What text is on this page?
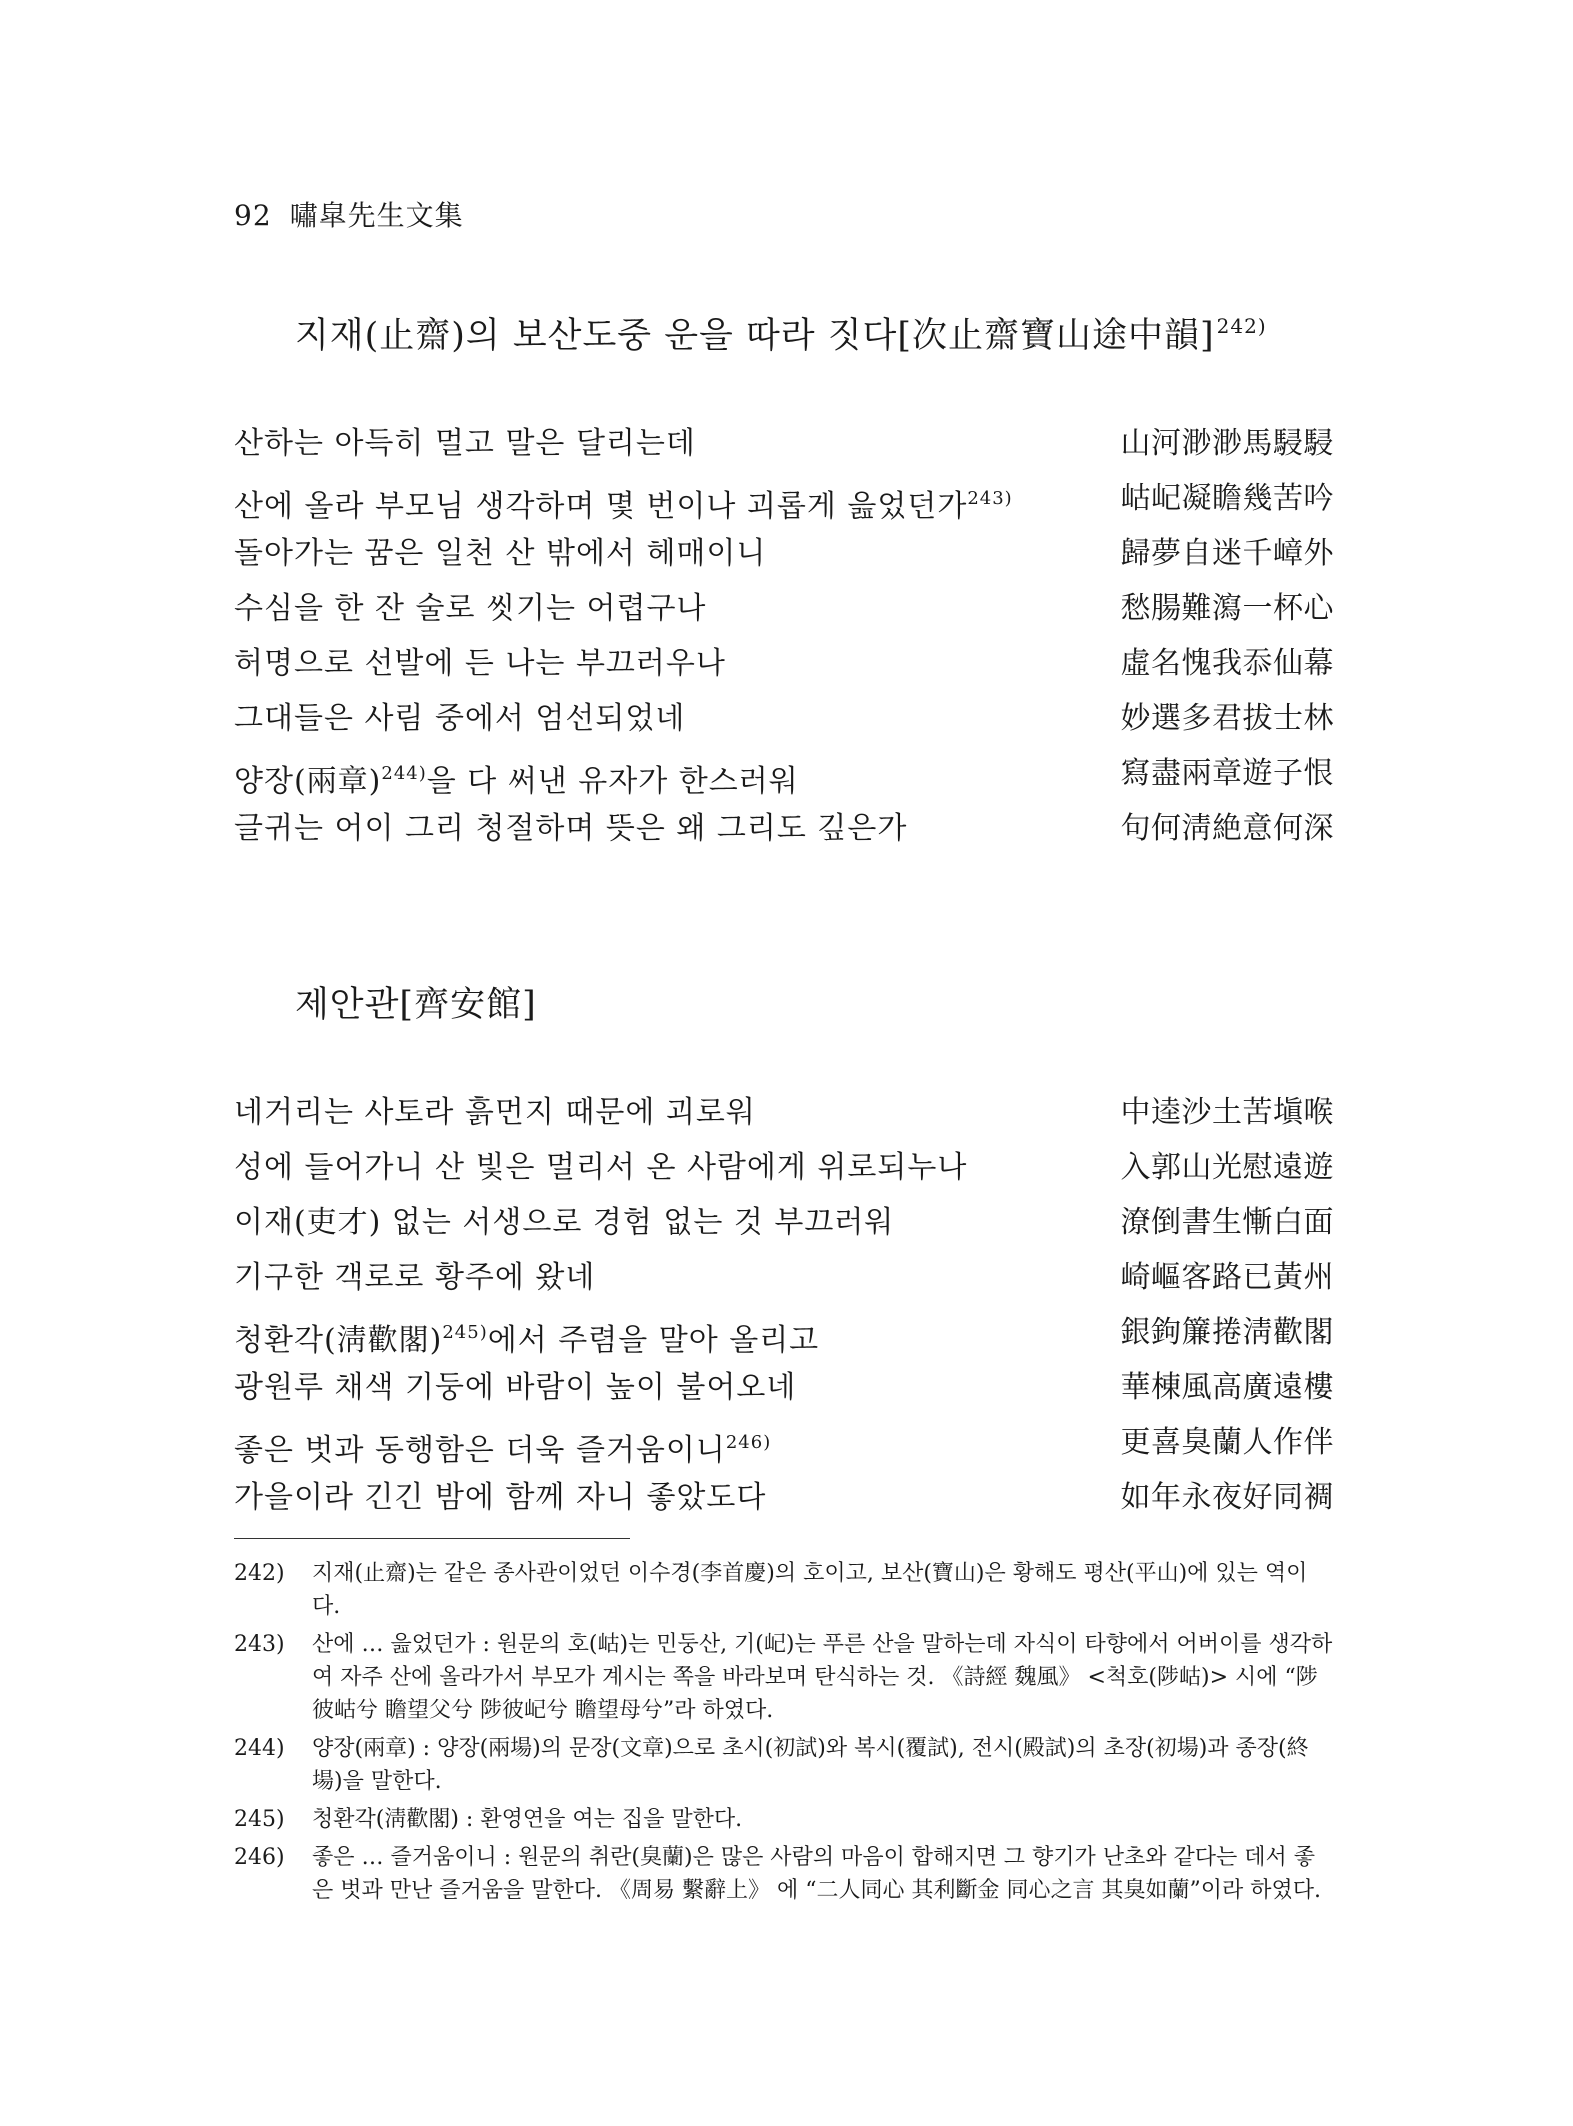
92 嘯皐先生文集
지재(止齋)의 보산도중 운을 따라 짓다[次止齋寶山途中韻] $^{242)}$
산하는 아득히 멀고 말은 달리는데	山河渺渺馬駸駸
산에 올라 부모님 생각하며 몇 번이나 괴롭게 읊었던가$^{243)}$	岵屺凝瞻幾苦吟
돌아가는 꿈은 일천 산 밖에서 헤매이니	歸夢自迷千嶂外
수심을 한 잔 술로 씻기는 어렵구나	愁腸難瀉一杯心
허명으로 선발에 든 나는 부끄러우나	虛名愧我忝仙幕
그대들은 사림 중에서 엄선되었네	妙選多君拔士林
양장(兩章)$^{244)}$을 다 써낸 유자가 한스러워	寫盡兩章遊子恨
글귀는 어이 그리 청절하며 뜻은 왜 그리도 깊은가	句何淸絶意何深
제안관[齊安館]
네거리는 사토라 흙먼지 때문에 괴로워	中逵沙土苦塡喉
성에 들어가니 산 빛은 멀리서 온 사람에게 위로되누나	入郭山光慰遠遊
이재(吏才) 없는 서생으로 경험 없는 것 부끄러워	潦倒書生慚白面
기구한 객로로 황주에 왔네	崎嶇客路已黃州
청환각(淸歡閣)$^{245)}$에서 주렴을 말아 올리고	銀鉤簾捲淸歡閣
광원루 채색 기둥에 바람이 높이 불어오네	華棟風高廣遠樓
좋은 벗과 동행함은 더욱 즐거움이니$^{246)}$	更喜臭蘭人作伴
가을이라 긴긴 밤에 함께 자니 좋았도다	如年永夜好同裯
242) 지재(止齋)는 같은 종사관이었던 이수경(李首慶)의 호이고, 보산(寶山)은 황해도 평산(平山)에 있는 역이다.
243) 산에 … 읊었던가 : 원문의 호(岵)는 민둥산, 기(屺)는 푸른 산을 말하는데 자식이 타향에서 어버이를 생각하여 자주 산에 올라가서 부모가 계시는 쪽을 바라보며 탄식하는 것. 《詩經 魏風》 <척호(陟岵)> 시에 “陟彼岵兮 瞻望父兮 陟彼屺兮 瞻望母兮”라 하였다.
244) 양장(兩章) : 양장(兩場)의 문장(文章)으로 초시(初試)와 복시(覆試), 전시(殿試)의 초장(初場)과 종장(終場)을 말한다.
245) 청환각(淸歡閣) : 환영연을 여는 집을 말한다.
246) 좋은 … 즐거움이니 : 원문의 취란(臭蘭)은 많은 사람의 마음이 합해지면 그 향기가 난초와 같다는 데서 좋은 벗과 만난 즐거움을 말한다. 《周易 繫辭上》 에 “二人同心 其利斷金 同心之言 其臭如蘭”이라 하였다.
